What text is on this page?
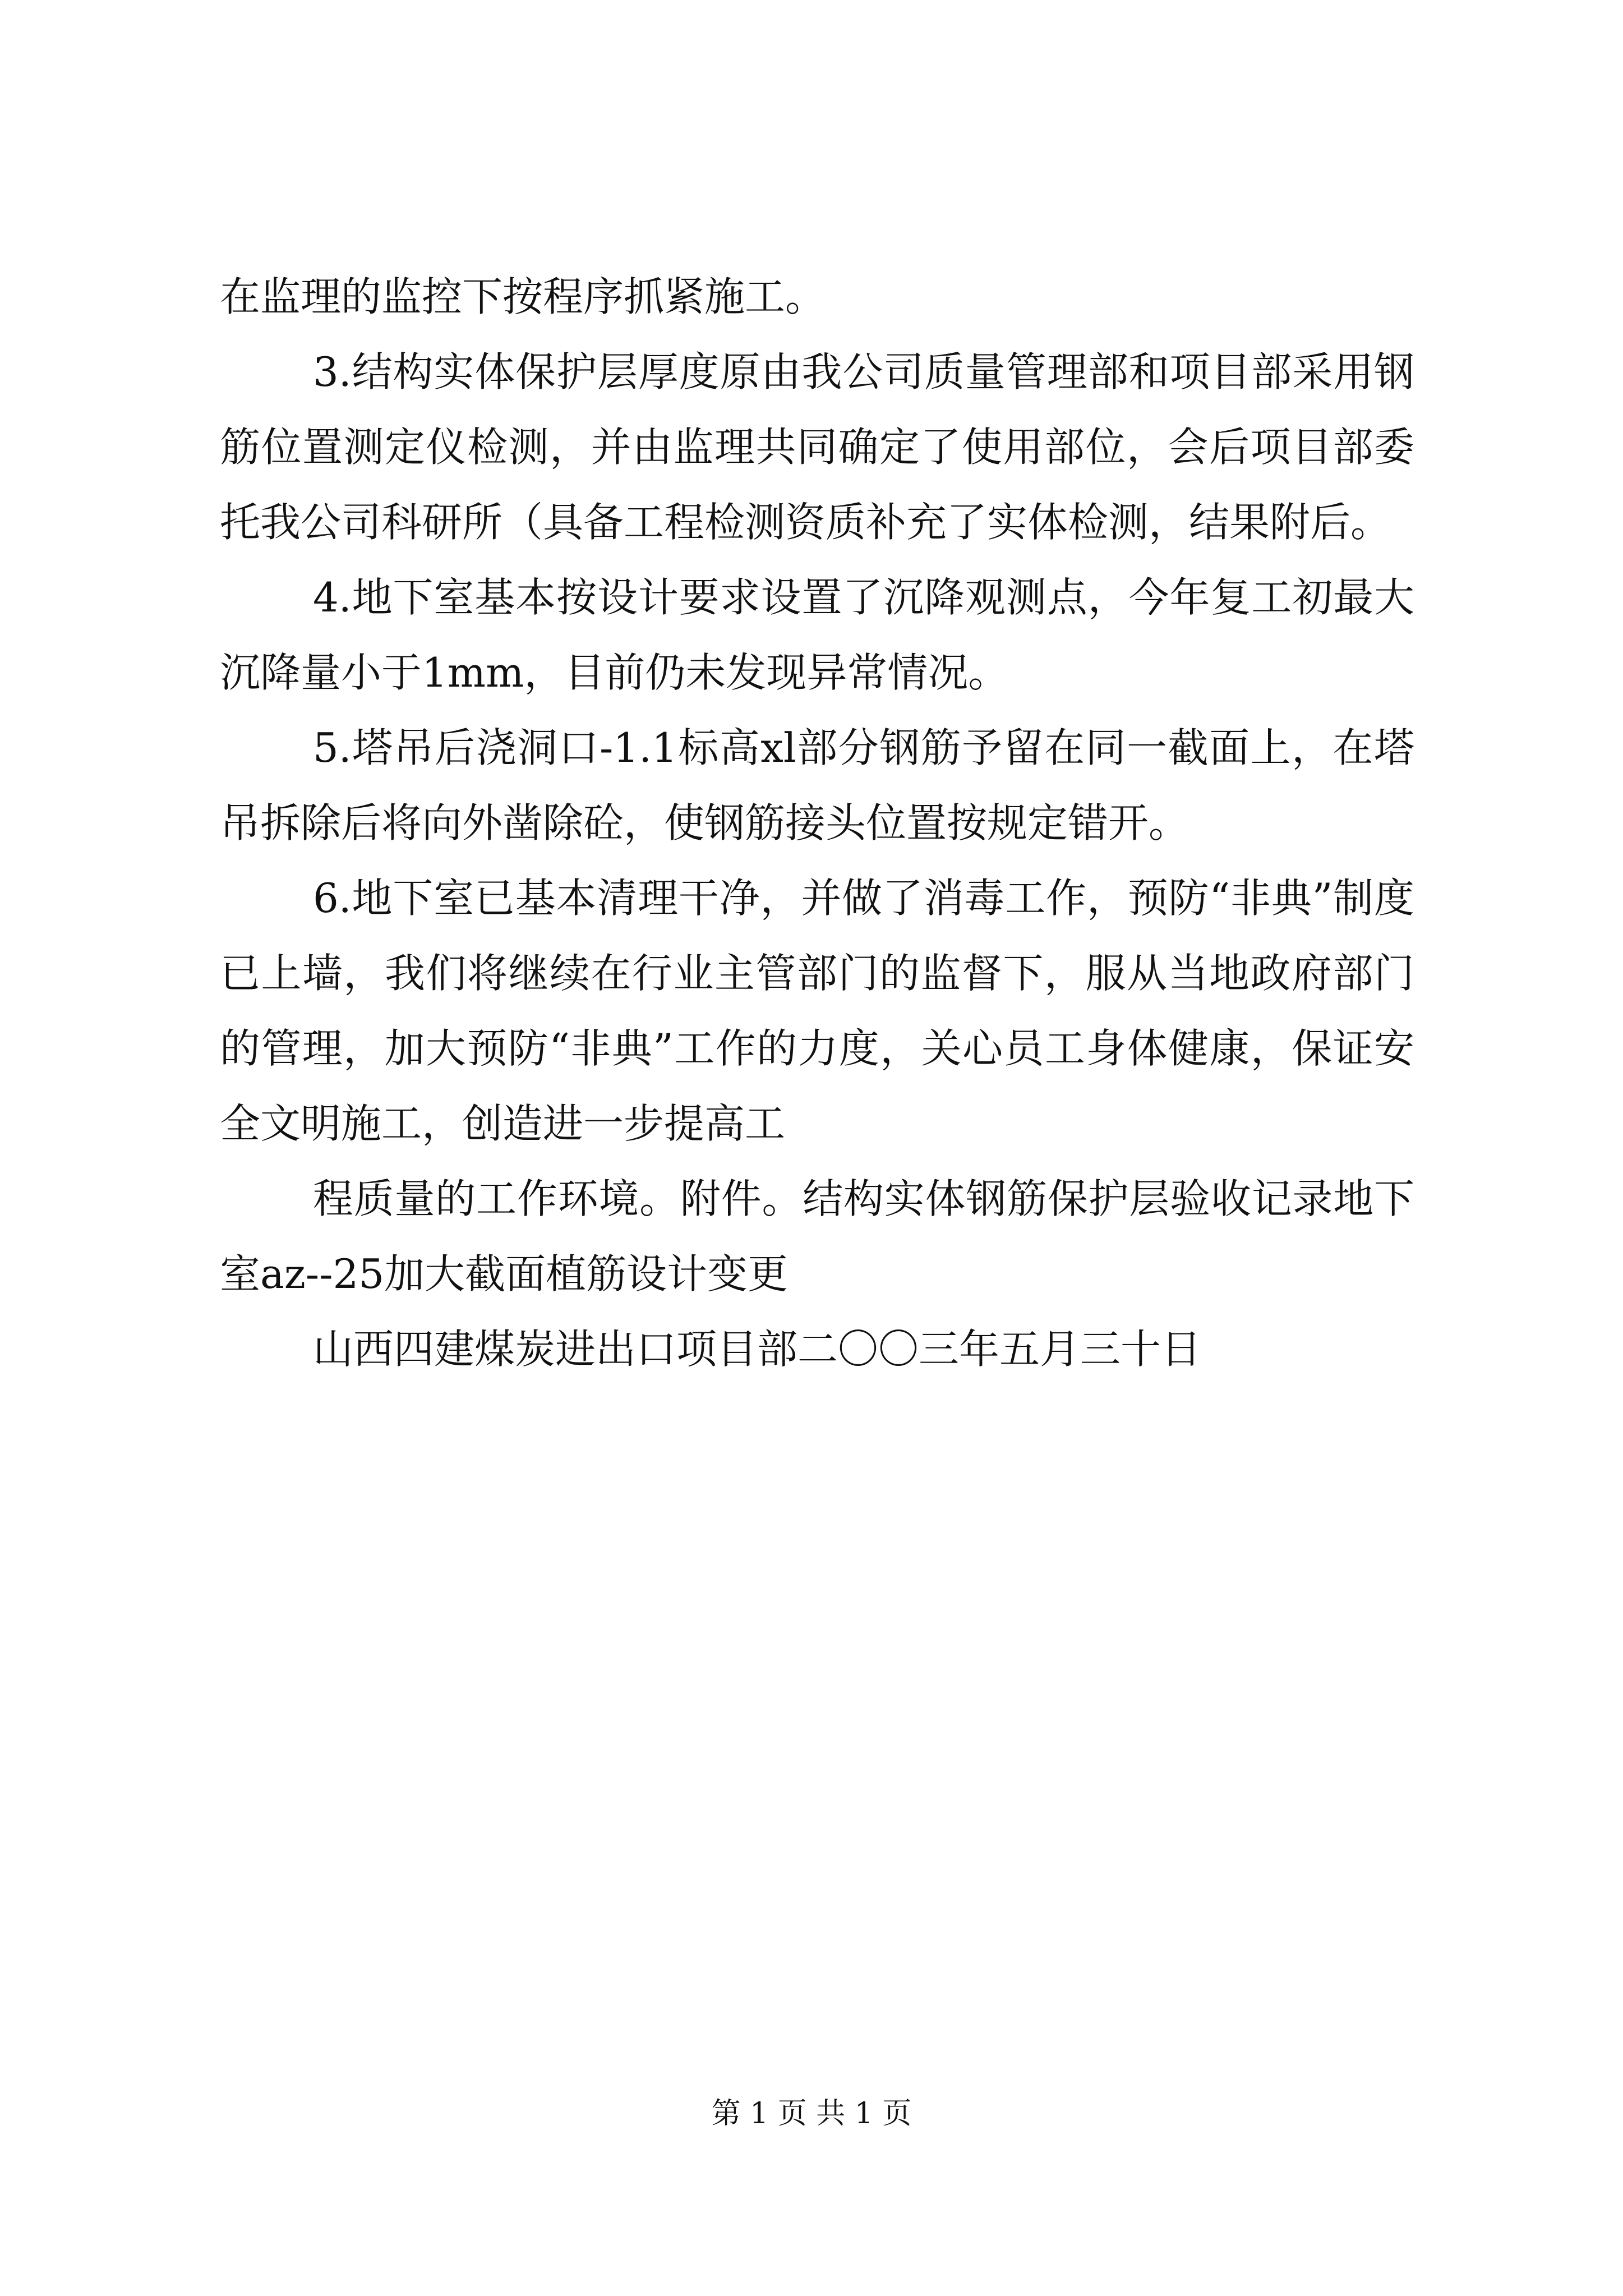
在监理的监控下按程序抓紧施工。

3.结构实体保护层厚度原由我公司质量管理部和项目部采用钢筋位置测定仪检测，并由监理共同确定了使用部位，会后项目部委托我公司科研所（具备工程检测资质补充了实体检测，结果附后。

4.地下室基本按设计要求设置了沉降观测点，今年复工初最大沉降量小于1mm，目前仍未发现异常情况。

5.塔吊后浇洞口-1.1标高xl部分钢筋予留在同一截面上，在塔吊拆除后将向外凿除砼，使钢筋接头位置按规定错开。

6.地下室已基本清理干净，并做了消毒工作，预防“非典”制度已上墙，我们将继续在行业主管部门的监督下，服从当地政府部门的管理，加大预防“非典”工作的力度，关心员工身体健康，保证安全文明施工，创造进一步提高工

程质量的工作环境。附件。结构实体钢筋保护层验收记录地下室az--25加大截面植筋设计变更

山西四建煤炭进出口项目部二〇〇三年五月三十日

第 1 页 共 1 页
